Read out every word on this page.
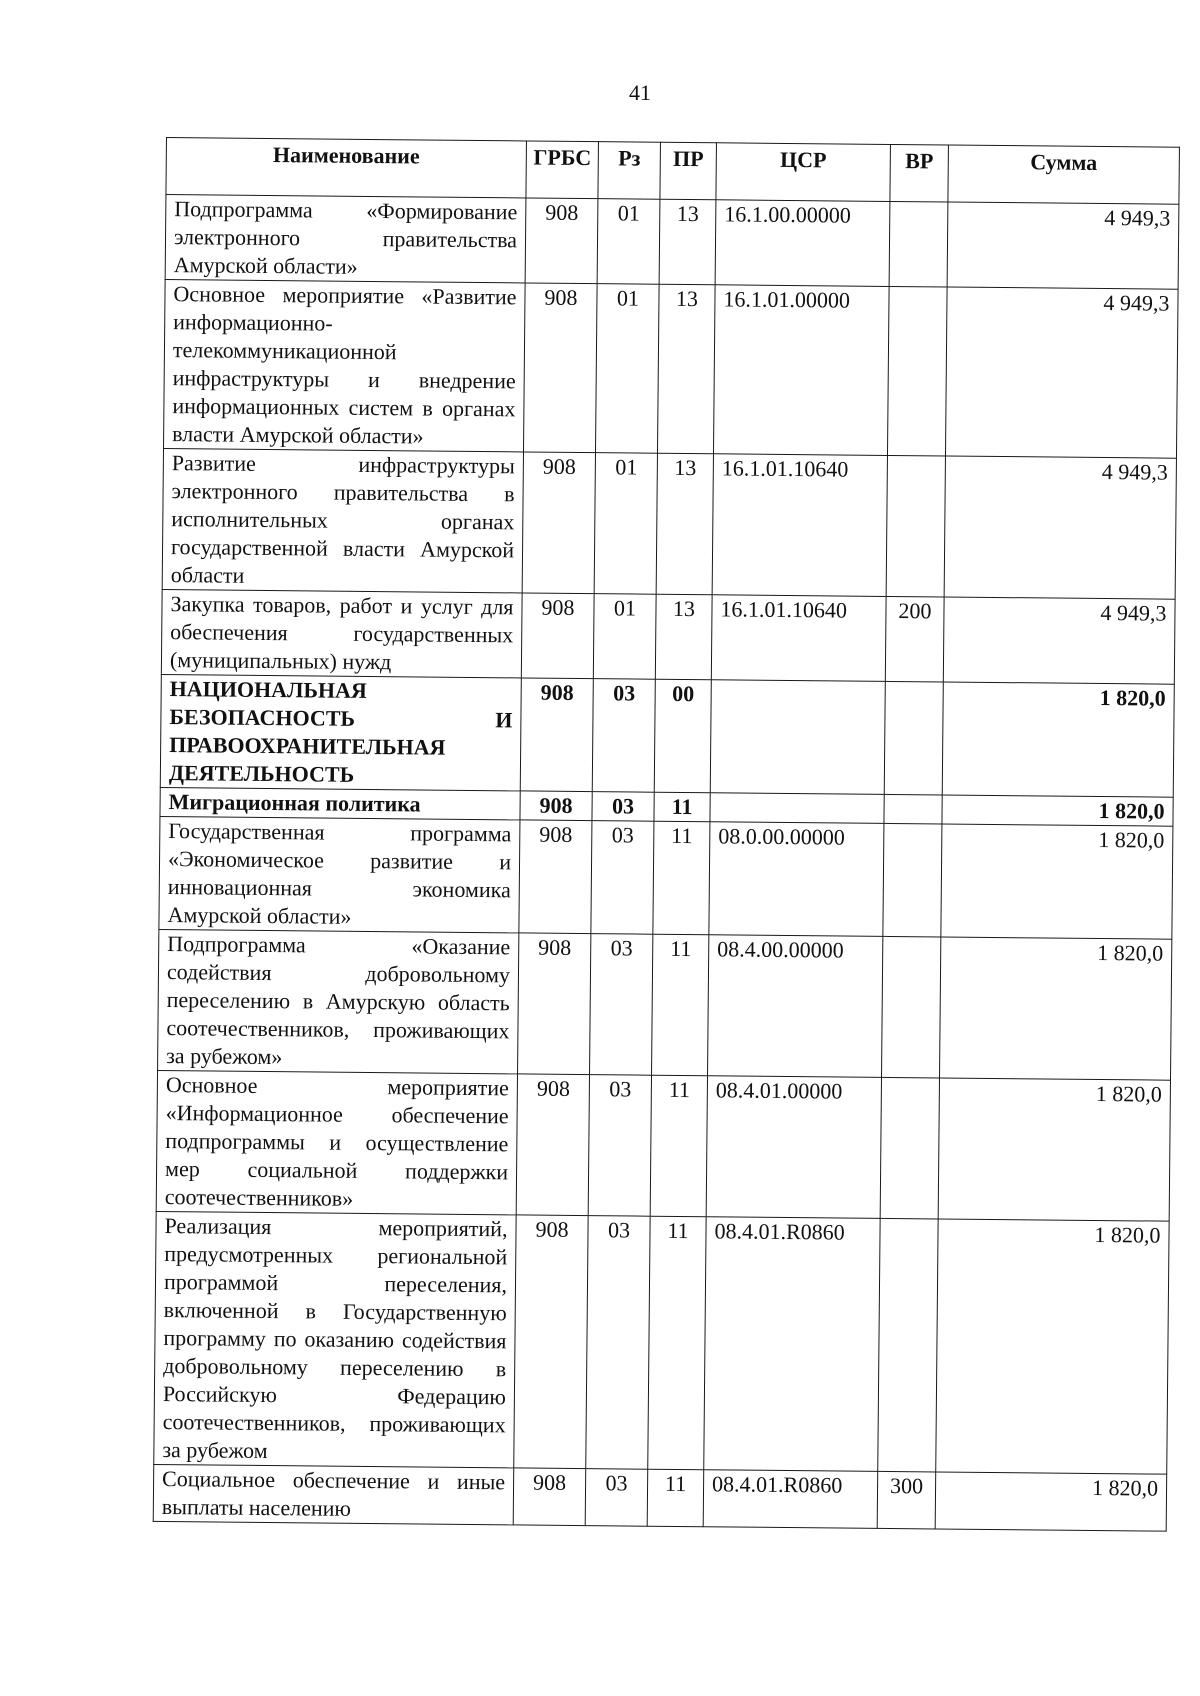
41
Наименование	ГРБС	Рз	ПР	ЦСР	ВР	Сумма
Подпрограмма «Формирование электронного правительства Амурской области»	908	01	13	16.1.00.00000		4 949,3
Основное мероприятие «Развитие информационно-телекоммуникационной инфраструктуры и внедрение информационных систем в органах власти Амурской области»	908	01	13	16.1.01.00000		4 949,3
Развитие инфраструктуры электронного правительства в исполнительных органах государственной власти Амурской области	908	01	13	16.1.01.10640		4 949,3
Закупка товаров, работ и услуг для обеспечения государственных (муниципальных) нужд	908	01	13	16.1.01.10640	200	4 949,3
НАЦИОНАЛЬНАЯ БЕЗОПАСНОСТЬ И ПРАВООХРАНИТЕЛЬНАЯ ДЕЯТЕЛЬНОСТЬ	908	03	00			1 820,0
Миграционная политика	908	03	11			1 820,0
Государственная программа «Экономическое развитие и инновационная экономика Амурской области»	908	03	11	08.0.00.00000		1 820,0
Подпрограмма «Оказание содействия добровольному переселению в Амурскую область соотечественников, проживающих за рубежом»	908	03	11	08.4.00.00000		1 820,0
Основное мероприятие «Информационное обеспечение подпрограммы и осуществление мер социальной поддержки соотечественников»	908	03	11	08.4.01.00000		1 820,0
Реализация мероприятий, предусмотренных региональной программой переселения, включенной в Государственную программу по оказанию содействия добровольному переселению в Российскую Федерацию соотечественников, проживающих за рубежом	908	03	11	08.4.01.R0860		1 820,0
Социальное обеспечение и иные выплаты населению	908	03	11	08.4.01.R0860	300	1 820,0
